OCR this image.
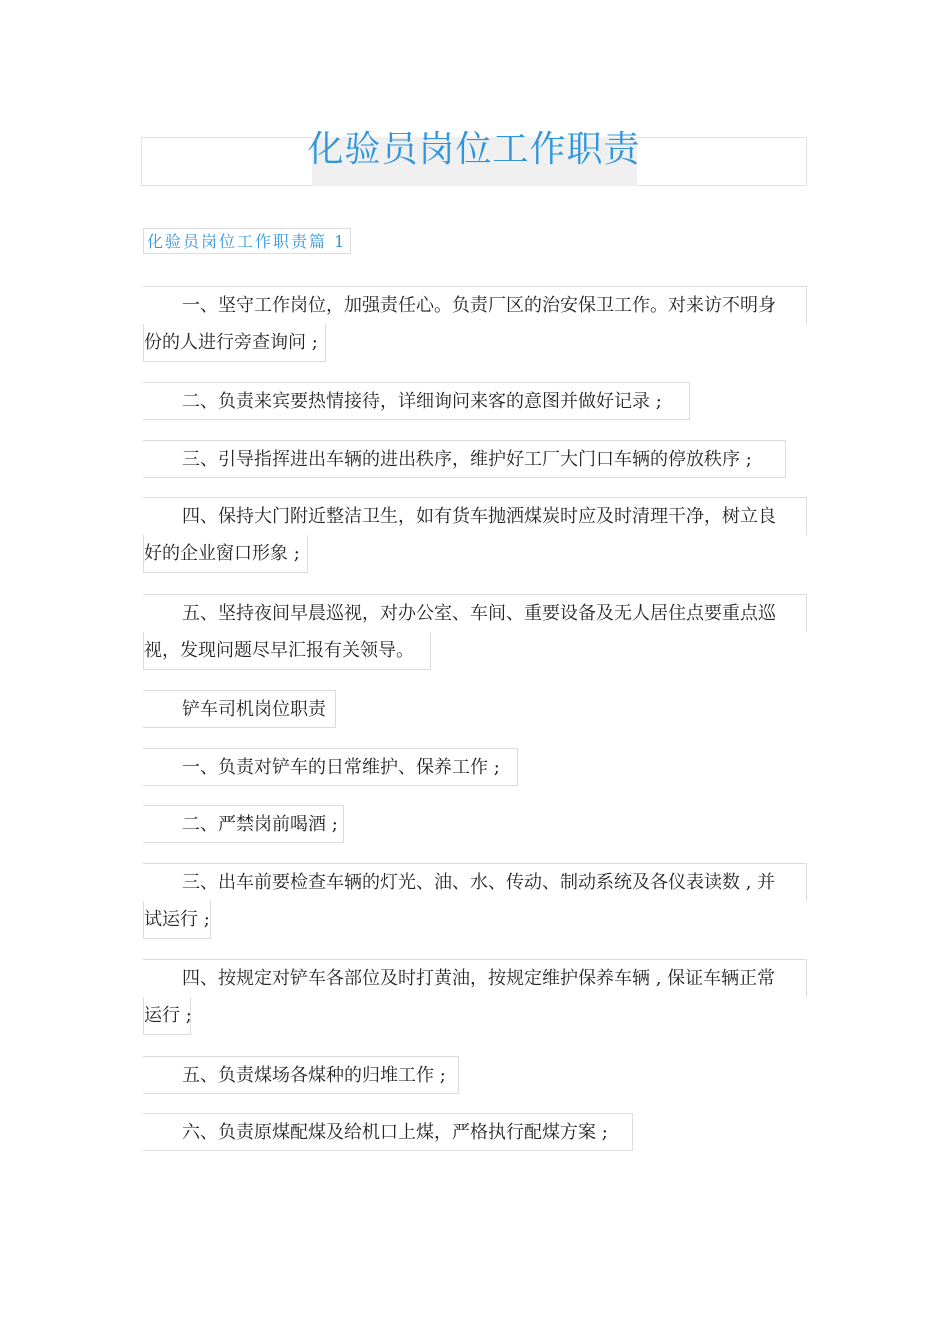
化验员岗位工作职责
化验员岗位工作职责篇 1
一、坚守工作岗位，加强责任心。负责厂区的治安保卫工作。对来访不明身
份的人进行旁查询问 ;
二、负责来宾要热情接待，详细询问来客的意图并做好记录 ;
三、引导指挥进出车辆的进出秩序，维护好工厂大门口车辆的停放秩序 ;
四、保持大门附近整洁卫生，如有货车抛洒煤炭时应及时清理干净，树立良
好的企业窗口形象 ;
五、坚持夜间早晨巡视，对办公室、车间、重要设备及无人居住点要重点巡
视，发现问题尽早汇报有关领导。
铲车司机岗位职责
一、负责对铲车的日常维护、保养工作 ;
二、严禁岗前喝酒 ;
三、出车前要检查车辆的灯光、油、水、传动、制动系统及各仪表读数 , 并
试运行 ;
四、按规定对铲车各部位及时打黄油，按规定维护保养车辆 , 保证车辆正常
运行 ;
五、负责煤场各煤种的归堆工作 ;
六、负责原煤配煤及给机口上煤，严格执行配煤方案 ;
